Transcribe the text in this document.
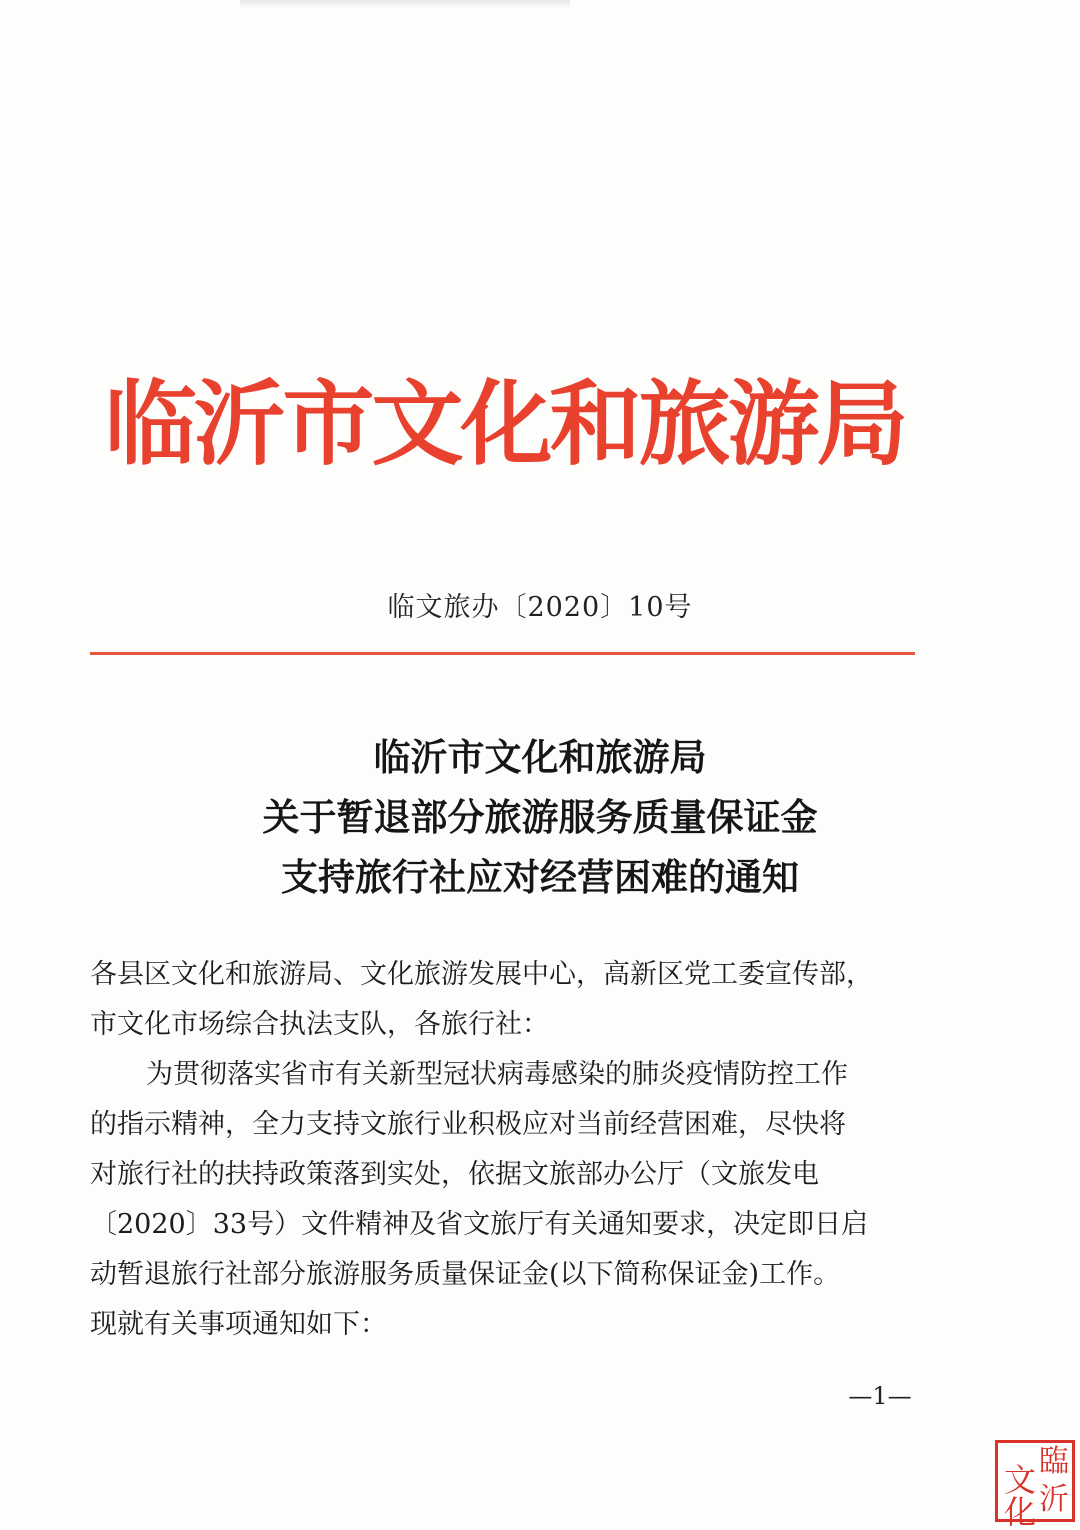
临沂市文化和旅游局
临文旅办〔2020〕10号
临沂市文化和旅游局
关于暂退部分旅游服务质量保证金
支持旅行社应对经营困难的通知
各县区文化和旅游局、文化旅游发展中心，高新区党工委宣传部，
市文化市场综合执法支队，各旅行社：
为贯彻落实省市有关新型冠状病毒感染的肺炎疫情防控工作
的指示精神，全力支持文旅行业积极应对当前经营困难，尽快将
对旅行社的扶持政策落到实处，依据文旅部办公厅（文旅发电
〔2020〕33号）文件精神及省文旅厅有关通知要求，决定即日启
动暂退旅行社部分旅游服务质量保证金(以下简称保证金)工作。
现就有关事项通知如下：
—1—
臨
沂
文化
